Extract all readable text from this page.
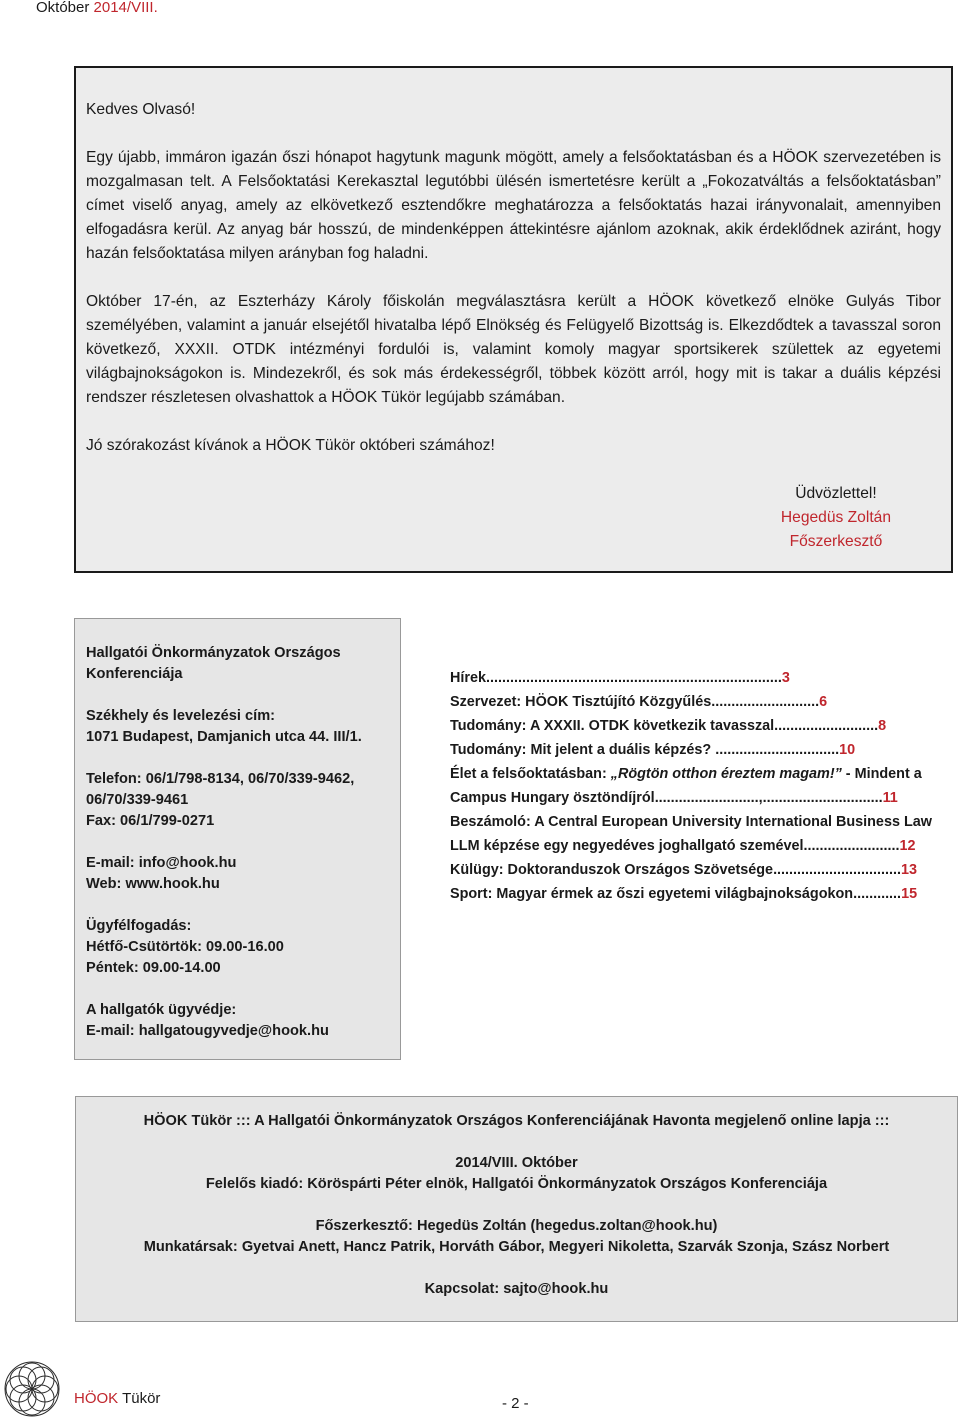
Október 2014/VIII.

Kedves Olvasó!

Egy újabb, immáron igazán őszi hónapot hagytunk magunk mögött, amely a felsőoktatásban és a HÖOK szervezetében is mozgalmasan telt. A Felsőoktatási Kerekasztal legutóbbi ülésén ismertetésre került a „Fokozatváltás a felsőoktatásban” címet viselő anyag, amely az elkövetkező esztendőkre meghatározza a felsőoktatás hazai irányvonalait, amennyiben elfogadásra kerül. Az anyag bár hosszú, de mindenképpen áttekintésre ajánlom azoknak, akik érdeklődnek aziránt, hogy hazán felsőoktatása milyen arányban fog haladni.

Október 17-én, az Eszterházy Károly főiskolán megválasztásra került a HÖOK következő elnöke Gulyás Tibor személyében, valamint a január elsejétől hivatalba lépő Elnökség és Felügyelő Bizottság is. Elkezdődtek a tavasszal soron következő, XXXII. OTDK intézményi fordulói is, valamint komoly magyar sportsikerek születtek az egyetemi világbajnokságokon is. Mindezekről, és sok más érdekességről, többek között arról, hogy mit is takar a duális képzési rendszer részletesen olvashattok a HÖOK Tükör legújabb számában.

Jó szórakozást kívánok a HÖOK Tükör októberi számához!

Üdvözlettel!
Hegedüs Zoltán
Főszerkesztő
Hallgatói Önkormányzatok Országos
Konferenciája
Székhely és levelezési cím:
1071 Budapest, Damjanich utca 44. III/1.
Telefon: 06/1/798-8134, 06/70/339-9462,
06/70/339-9461
Fax: 06/1/799-0271
E-mail: info@hook.hu
Web: www.hook.hu
Ügyfélfogadás:
Hétfő-Csütörtök: 09.00-16.00
Péntek: 09.00-14.00
A hallgatók ügyvédje:
E-mail: hallgatougyvedje@hook.hu
Hírek..........................................................................3
Szervezet: HÖOK Tisztújító Közgyűlés...........................6
Tudomány: A XXXII. OTDK következik tavasszal..........................8
Tudomány: Mit jelent a duális képzés? ...............................10
Élet a felsőoktatásban: „Rögtön otthon éreztem magam!” - Mindent a Campus Hungary ösztöndíjról..........................,..............................11
Beszámoló: A Central European University International Business Law LLM képzése egy negyedéves joghallgató szemével........................12
Külügy: Doktoranduszok Országos Szövetsége................................13
Sport: Magyar érmek az őszi egyetemi világbajnokságokon............15
HÖOK Tükör ::: A Hallgatói Önkormányzatok Országos Konferenciájának Havonta megjelenő online lapja :::
2014/VIII. Október
Felelős kiadó: Köröspárti Péter elnök, Hallgatói Önkormányzatok Országos Konferenciája
Főszerkesztő: Hegedüs Zoltán (hegedus.zoltan@hook.hu)
Munkatársak: Gyetvai Anett, Hancz Patrik, Horváth Gábor, Megyeri Nikoletta, Szarvák Szonja, Szász Norbert
Kapcsolat: sajto@hook.hu
HÖOK Tükör	- 2 -
